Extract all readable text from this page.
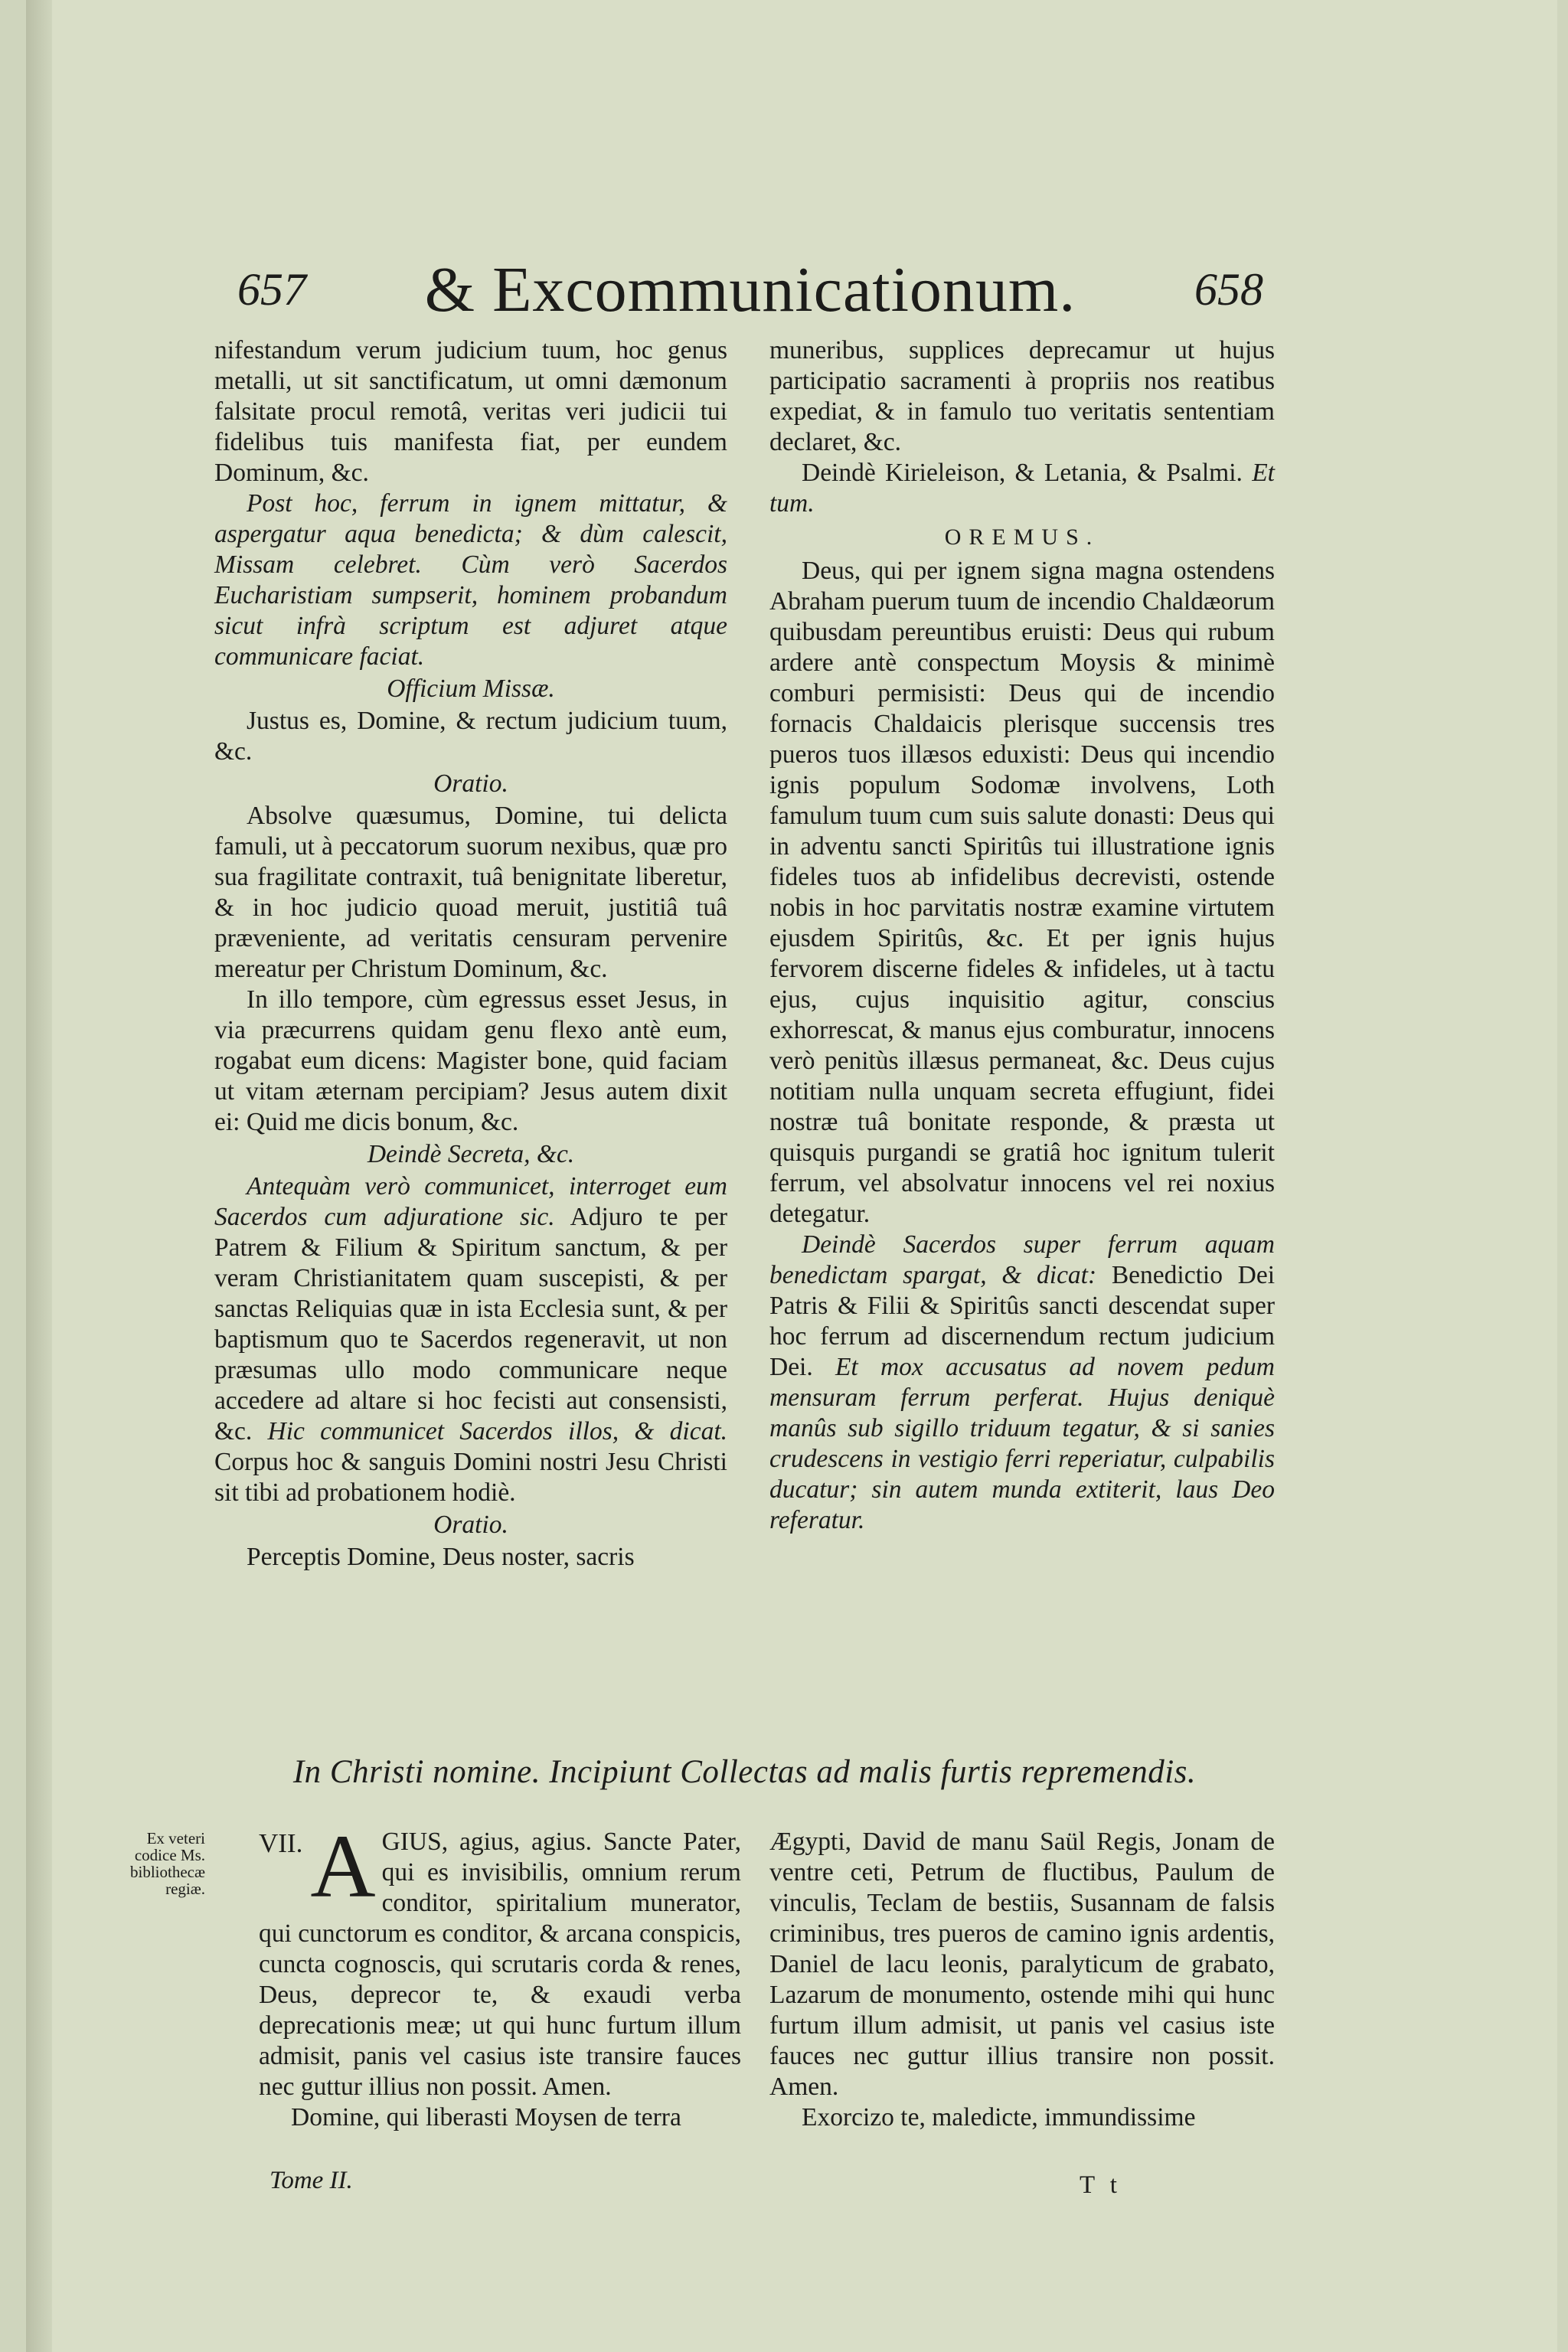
657	& Excommunicationum.	658

nifestandum verum judicium tuum, hoc genus metalli, ut sit sanctificatum, ut omni dæmonum falsitate procul remotâ, veritas veri judicii tui fidelibus tuis manifesta fiat, per eundem Dominum, &c.

Post hoc, ferrum in ignem mittatur, & aspergatur aqua benedicta; & dùm calescit, Missam celebret. Cùm verò Sacerdos Eucharistiam sumpserit, hominem probandum sicut infrà scriptum est adjuret atque communicare faciat.

Officium Missæ.

Justus es, Domine, & rectum judicium tuum, &c.

Oratio.

Absolve quæsumus, Domine, tui delicta famuli, ut à peccatorum suorum nexibus, quæ pro sua fragilitate contraxit, tuâ benignitate liberetur, & in hoc judicio quoad meruit, justitiâ tuâ præveniente, ad veritatis censuram pervenire mereatur per Christum Dominum, &c.

In illo tempore, cùm egressus esset Jesus, in via præcurrens quidam genu flexo antè eum, rogabat eum dicens: Magister bone, quid faciam ut vitam æternam percipiam? Jesus autem dixit ei: Quid me dicis bonum, &c.

Deindè Secreta, &c.

Antequàm verò communicet, interroget eum Sacerdos cum adjuratione sic. Adjuro te per Patrem & Filium & Spiritum sanctum, & per veram Christianitatem quam suscepisti, & per sanctas Reliquias quæ in ista Ecclesia sunt, & per baptismum quo te Sacerdos regeneravit, ut non præsumas ullo modo communicare neque accedere ad altare si hoc fecisti aut consensisti, &c. Hic communicet Sacerdos illos, & dicat. Corpus hoc & sanguis Domini nostri Jesu Christi sit tibi ad probationem hodiè.

Oratio.

Perceptis Domine, Deus noster, sacris

muneribus, supplices deprecamur ut hujus participatio sacramenti à propriis nos reatibus expediat, & in famulo tuo veritatis sententiam declaret, &c.

Deindè Kirieleison, & Letania, & Psalmi. Et tum.

OREMUS.

Deus, qui per ignem signa magna ostendens Abraham puerum tuum de incendio Chaldæorum quibusdam pereuntibus eruisti: Deus qui rubum ardere antè conspectum Moysis & minimè comburi permisisti: Deus qui de incendio fornacis Chaldaicis plerisque succensis tres pueros tuos illæsos eduxisti: Deus qui incendio ignis populum Sodomæ involvens, Loth famulum tuum cum suis salute donasti: Deus qui in adventu sancti Spiritûs tui illustratione ignis fideles tuos ab infidelibus decrevisti, ostende nobis in hoc parvitatis nostræ examine virtutem ejusdem Spiritûs, &c. Et per ignis hujus fervorem discerne fideles & infideles, ut à tactu ejus, cujus inquisitio agitur, conscius exhorrescat, & manus ejus comburatur, innocens verò penitùs illæsus permaneat, &c. Deus cujus notitiam nulla unquam secreta effugiunt, fidei nostræ tuâ bonitate responde, & præsta ut quisquis purgandi se gratiâ hoc ignitum tulerit ferrum, vel absolvatur innocens vel rei noxius detegatur.

Deindè Sacerdos super ferrum aquam benedictam spargat, & dicat: Benedictio Dei Patris & Filii & Spiritûs sancti descendat super hoc ferrum ad discernendum rectum judicium Dei. Et mox accusatus ad novem pedum mensuram ferrum perferat. Hujus deniquè manûs sub sigillo triduum tegatur, & si sanies crudescens in vestigio ferri reperiatur, culpabilis ducatur; sin autem munda extiterit, laus Deo referatur.

In Christi nomine. Incipiunt Collectas ad malis furtis repremendis.
Ex veteri codice Ms. bibliothecæ regiæ.
VII. A GIUS, agius, agius. Sancte Pater, qui es invisibilis, omnium rerum conditor, spiritalium munerator, qui cunctorum es conditor, & arcana conspicis, cuncta cognoscis, qui scrutaris corda & renes, Deus, deprecor te, & exaudi verba deprecationis meæ; ut qui hunc furtum illum admisit, panis vel casius iste transire fauces nec guttur illius non possit. Amen.

Domine, qui liberasti Moysen de terra

Ægypti, David de manu Saül Regis, Jonam de ventre ceti, Petrum de fluctibus, Paulum de vinculis, Teclam de bestiis, Susannam de falsis criminibus, tres pueros de camino ignis ardentis, Daniel de lacu leonis, paralyticum de grabato, Lazarum de monumento, ostende mihi qui hunc furtum illum admisit, ut panis vel casius iste fauces nec guttur illius transire non possit. Amen.

Exorcizo te, maledicte, immundissime

Tome II.	T t
